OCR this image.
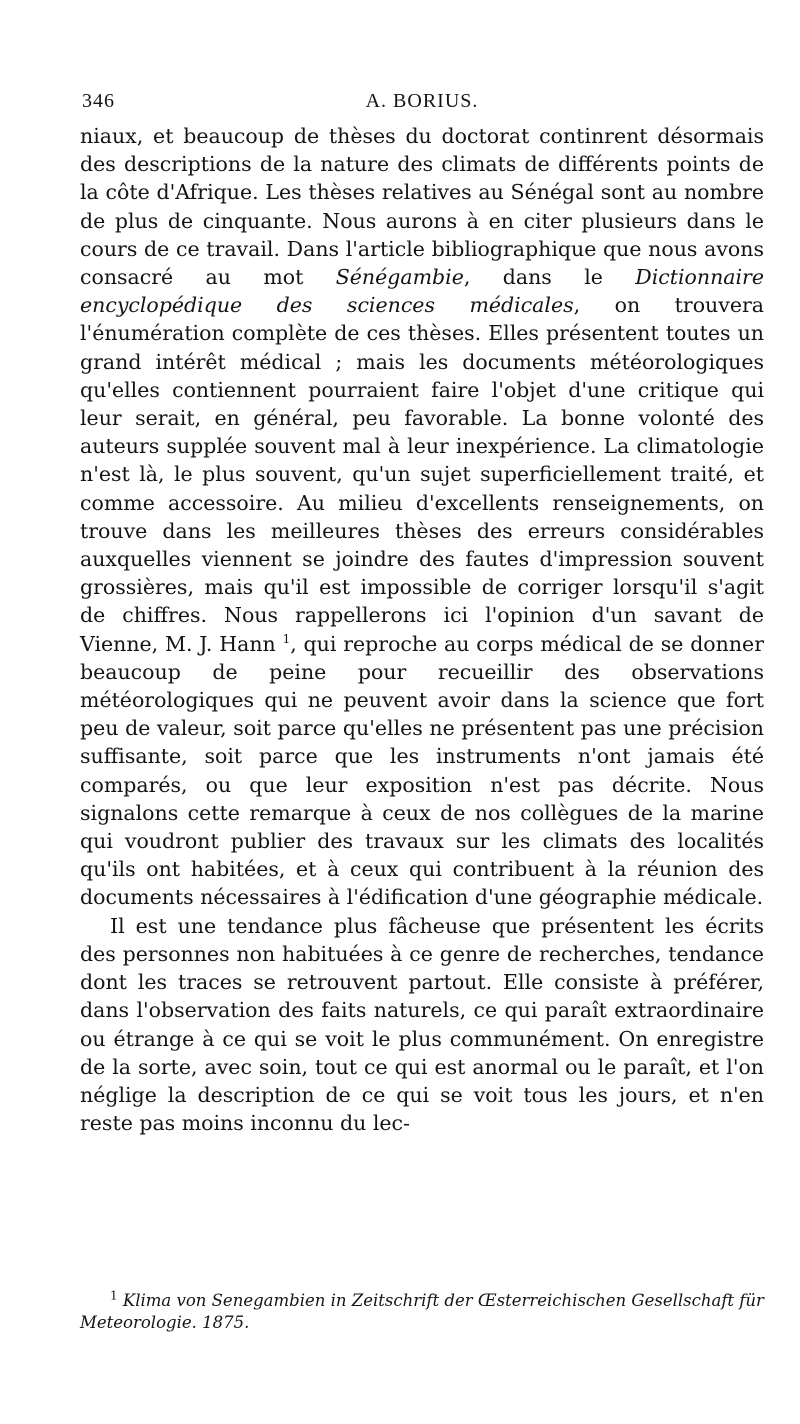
346	A. BORIUS.

niaux, et beaucoup de thèses du doctorat continrent désormais des descriptions de la nature des climats de différents points de la côte d'Afrique. Les thèses relatives au Sénégal sont au nombre de plus de cinquante. Nous aurons à en citer plusieurs dans le cours de ce travail. Dans l'article bibliographique que nous avons consacré au mot Sénégambie, dans le Dictionnaire encyclopédique des sciences médicales, on trouvera l'énumération complète de ces thèses. Elles présentent toutes un grand intérêt médical ; mais les documents météorologiques qu'elles contiennent pourraient faire l'objet d'une critique qui leur serait, en général, peu favorable. La bonne volonté des auteurs supplée souvent mal à leur inexpérience. La climatologie n'est là, le plus souvent, qu'un sujet superficiellement traité, et comme accessoire. Au milieu d'excellents renseignements, on trouve dans les meilleures thèses des erreurs considérables auxquelles viennent se joindre des fautes d'impression souvent grossières, mais qu'il est impossible de corriger lorsqu'il s'agit de chiffres. Nous rappellerons ici l'opinion d'un savant de Vienne, M. J. Hann $^1$, qui reproche au corps médical de se donner beaucoup de peine pour recueillir des observations météorologiques qui ne peuvent avoir dans la science que fort peu de valeur, soit parce qu'elles ne présentent pas une précision suffisante, soit parce que les instruments n'ont jamais été comparés, ou que leur exposition n'est pas décrite. Nous signalons cette remarque à ceux de nos collègues de la marine qui voudront publier des travaux sur les climats des localités qu'ils ont habitées, et à ceux qui contribuent à la réunion des documents nécessaires à l'édification d'une géographie médicale.

Il est une tendance plus fâcheuse que présentent les écrits des personnes non habituées à ce genre de recherches, tendance dont les traces se retrouvent partout. Elle consiste à préférer, dans l'observation des faits naturels, ce qui paraît extraordinaire ou étrange à ce qui se voit le plus communément. On enregistre de la sorte, avec soin, tout ce qui est anormal ou le paraît, et l'on néglige la description de ce qui se voit tous les jours, et n'en reste pas moins inconnu du lec-

$^1$ Klima von Senegambien in Zeitschrift der Œsterreichischen Gesellschaft für Meteorologie. 1875.
